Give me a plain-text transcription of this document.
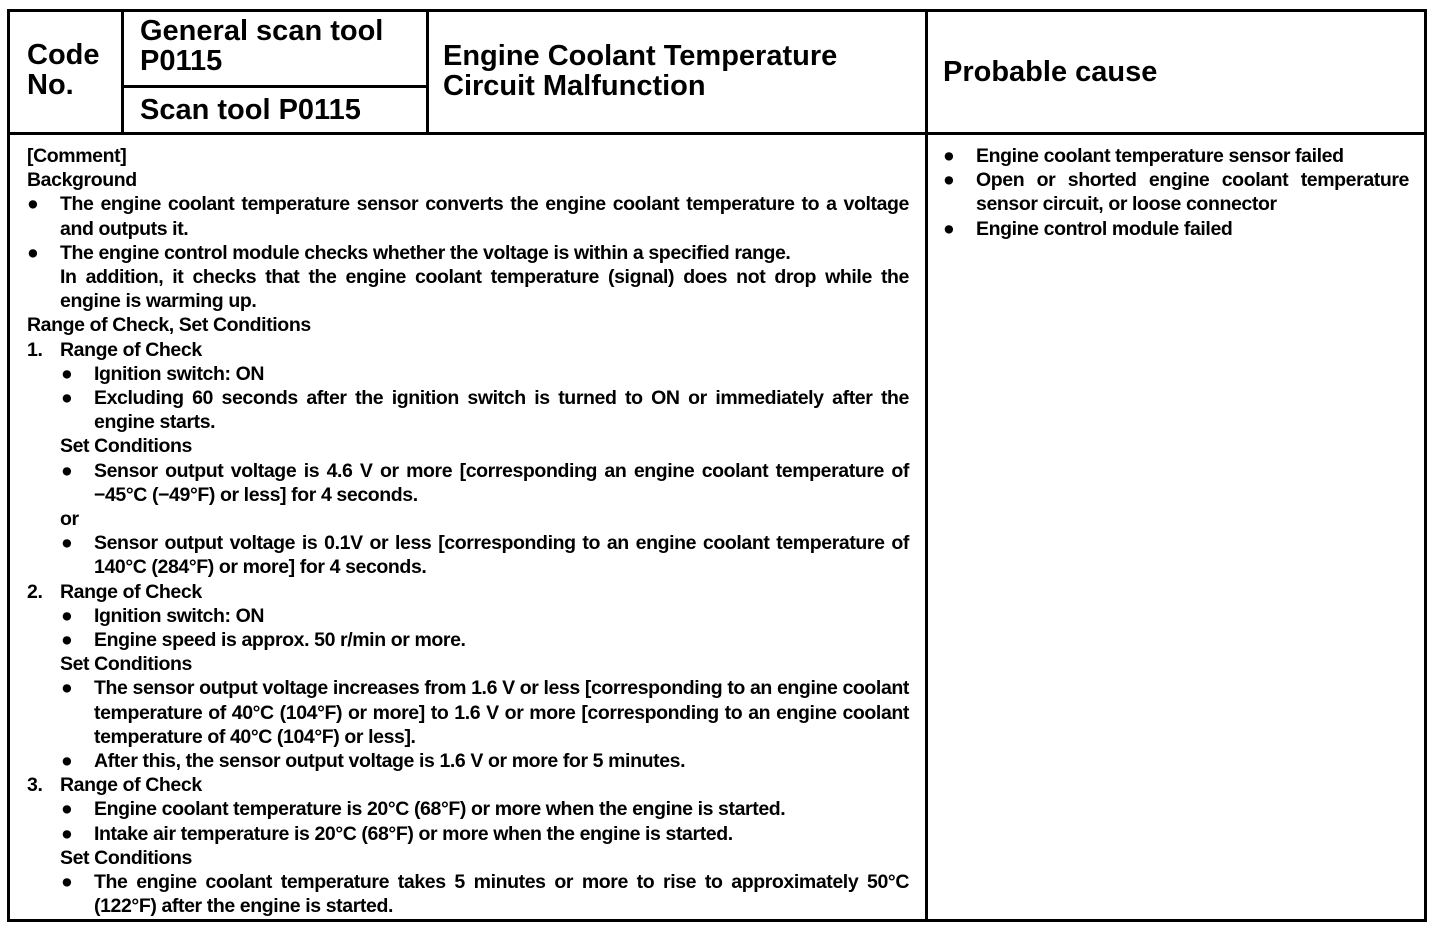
Code No.
General scan tool P0115
Scan tool P0115
Engine Coolant Temperature Circuit Malfunction	Probable cause
[Comment]
Background
● The engine coolant temperature sensor converts the engine coolant temperature to a voltage and outputs it.
● The engine control module checks whether the voltage is within a specified range.
In addition, it checks that the engine coolant temperature (signal) does not drop while the engine is warming up.
Range of Check, Set Conditions
1. Range of Check
● Ignition switch: ON
● Excluding 60 seconds after the ignition switch is turned to ON or immediately after the engine starts.
Set Conditions
● Sensor output voltage is 4.6 V or more [corresponding an engine coolant temperature of −45°C (−49°F) or less] for 4 seconds.
or
● Sensor output voltage is 0.1V or less [corresponding to an engine coolant temperature of 140°C (284°F) or more] for 4 seconds.
2. Range of Check
● Ignition switch: ON
● Engine speed is approx. 50 r/min or more.
Set Conditions
● The sensor output voltage increases from 1.6 V or less [corresponding to an engine coolant temperature of 40°C (104°F) or more] to 1.6 V or more [corresponding to an engine coolant temperature of 40°C (104°F) or less].
● After this, the sensor output voltage is 1.6 V or more for 5 minutes.
3. Range of Check
● Engine coolant temperature is 20°C (68°F) or more when the engine is started.
● Intake air temperature is 20°C (68°F) or more when the engine is started.
Set Conditions
● The engine coolant temperature takes 5 minutes or more to rise to approximately 50°C (122°F) after the engine is started.
● Engine coolant temperature sensor failed
● Open or shorted engine coolant temperature sensor circuit, or loose connector
● Engine control module failed
